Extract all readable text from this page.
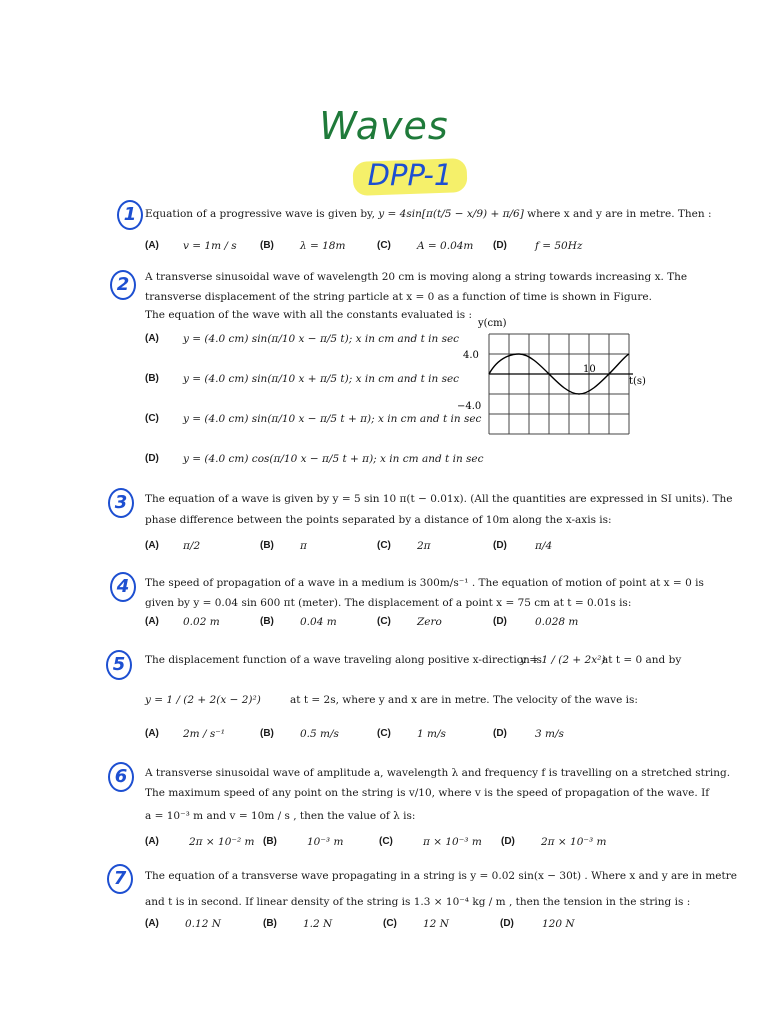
Waves
DPP-1
1 Equation of a progressive wave is given by, y = 4sin[π(t/5 − x/9) + π/6] where x and y are in metre. Then :
(A) v = 1m / s (B) λ = 18m	(C) A = 0.04m (D)	f = 50Hz
2	A transverse sinusoidal wave of wavelength 20 cm is moving along a string towards increasing x. The
transverse displacement of the string particle at x = 0 as a function of time is shown in Figure.
The equation of the wave with all the constants evaluated is :
(A) y = (4.0 cm) sin(π/10 x − π/5 t); x in cm and t in sec
(B) y = (4.0 cm) sin(π/10 x + π/5 t); x in cm and t in sec
(C) y = (4.0 cm) sin(π/10 x − π/5 t + π); x in cm and t in sec
(D) y = (4.0 cm) cos(π/10 x − π/5 t + π); x in cm and t in sec
y(cm)
4.0
−4.0
10
t(s)
3	The equation of a wave is given by y = 5 sin 10 π(t − 0.01x). (All the quantities are expressed in SI units). The
phase difference between the points separated by a distance of 10m along the x-axis is:
(A) π/2	(B) π	(C) 2π	(D)	π/4
4	The speed of propagation of a wave in a medium is 300m/s⁻¹ . The equation of motion of point at x = 0 is
given by y = 0.04 sin 600 πt (meter). The displacement of a point x = 75 cm at t = 0.01s is:
(A) 0.02 m	(B) 0.04 m	(C) Zero	(D)	0.028 m
5	The displacement function of a wave traveling along positive x-direction is
y = 1 / (2 + 2x²)
at t = 0 and by
y = 1 / (2 + 2(x − 2)²)	at t = 2s, where y and x are in metre. The velocity of the wave is:
(A) 2m / s⁻¹	(B) 0.5 m/s	(C) 1 m/s	(D)	3 m/s
6	A transverse sinusoidal wave of amplitude a, wavelength λ and frequency f is travelling on a stretched string.
The maximum speed of any point on the string is v/10, where v is the speed of propagation of the wave. If
a = 10⁻³ m and v = 10m / s , then the value of λ is:
(A)	2π × 10⁻² m (B)	10⁻³ m	(C)	π × 10⁻³ m (D) 2π × 10⁻³ m
7	The equation of a transverse wave propagating in a string is y = 0.02 sin(x − 30t) . Where x and y are in metre
and t is in second. If linear density of the string is 1.3 × 10⁻⁴ kg / m , then the tension in the string is :
(A) 0.12 N	(B) 1.2 N	(C) 12 N	(D)	120 N
